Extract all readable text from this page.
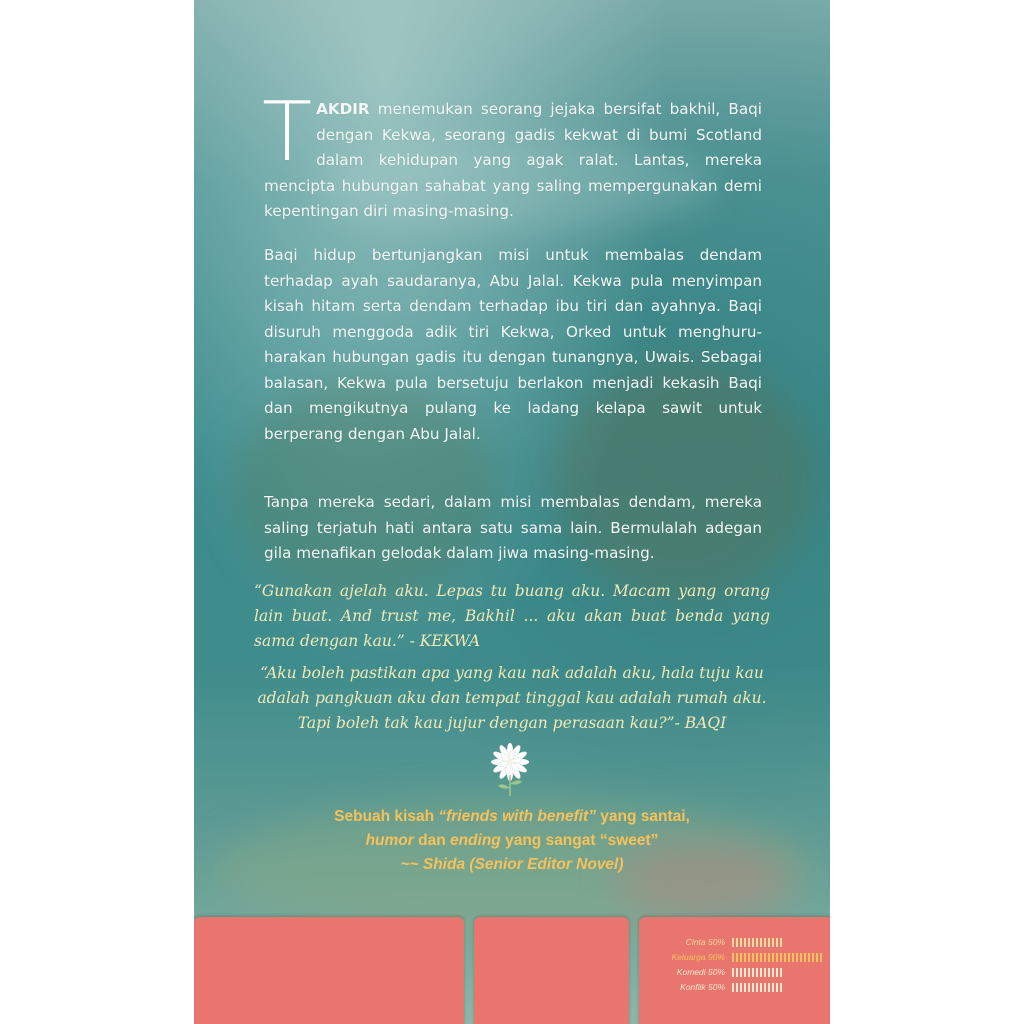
TAKDIR menemukan seorang jejaka bersifat bakhil, Baqi dengan Kekwa, seorang gadis kekwat di bumi Scotland dalam kehidupan yang agak ralat. Lantas, mereka mencipta hubungan sahabat yang saling mempergunakan demi kepentingan diri masing-masing.
Baqi hidup bertunjangkan misi untuk membalas dendam terhadap ayah saudaranya, Abu Jalal. Kekwa pula menyimpan kisah hitam serta dendam terhadap ibu tiri dan ayahnya. Baqi disuruh menggoda adik tiri Kekwa, Orked untuk menghuru-harakan hubungan gadis itu dengan tunangnya, Uwais. Sebagai balasan, Kekwa pula bersetuju berlakon menjadi kekasih Baqi dan mengikutnya pulang ke ladang kelapa sawit untuk berperang dengan Abu Jalal.
Tanpa mereka sedari, dalam misi membalas dendam, mereka saling terjatuh hati antara satu sama lain. Bermulalah adegan gila menafikan gelodak dalam jiwa masing-masing.
“Gunakan ajelah aku. Lepas tu buang aku. Macam yang orang lain buat. And trust me, Bakhil ... aku akan buat benda yang sama dengan kau.” - KEKWA
“Aku boleh pastikan apa yang kau nak adalah aku, hala tuju kau adalah pangkuan aku dan tempat tinggal kau adalah rumah aku. Tapi boleh tak kau jujur dengan perasaan kau?”- BAQI
Sebuah kisah “friends with benefit” yang santai,
humor dan ending yang sangat “sweet”
~~ Shida (Senior Editor Novel)
Cinta 50%
Keluarga 90%
Komedi 50%
Konflik 50%
